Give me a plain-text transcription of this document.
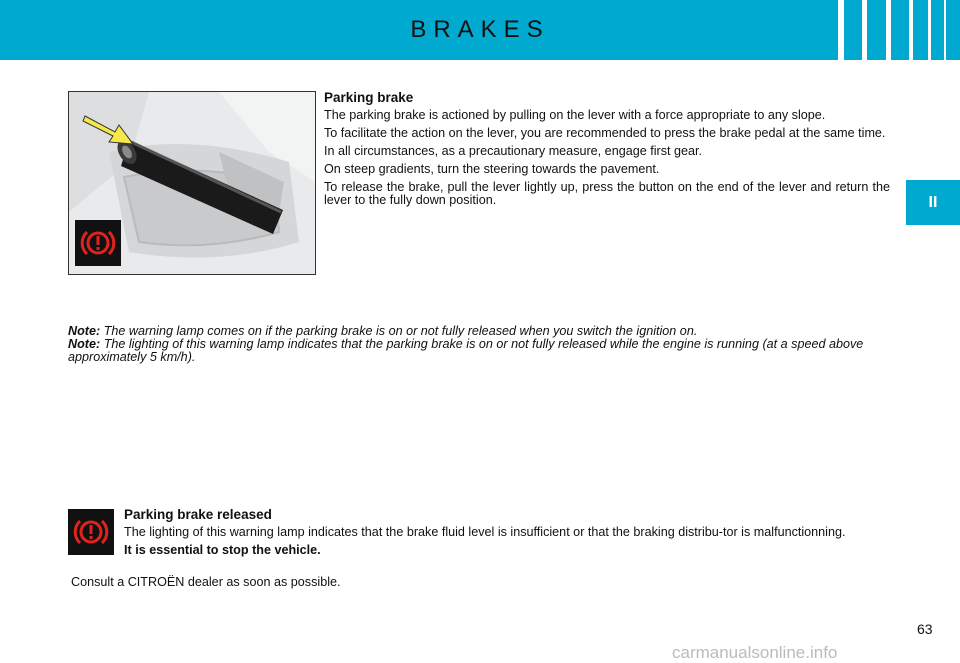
BRAKES
II
Parking brake

The parking brake is actioned by pulling on the lever with a force appropriate to any slope.

To facilitate the action on the lever, you are recommended to press the brake pedal at the same time.

In all circumstances, as a precautionary measure, engage first gear.

On steep gradients, turn the steering towards the pavement.

To release the brake, pull the lever lightly up, press the button on the end of the lever and return the lever to the fully down position.

Note: The warning lamp comes on if the parking brake is on or not fully released when you switch the ignition on.
Note: The lighting of this warning lamp indicates that the parking brake is on or not fully released while the engine is running (at a speed above approximately 5 km/h).
Parking brake released

The lighting of this warning lamp indicates that the brake fluid level is insufficient or that the braking distribu-tor is malfunctionning.

It is essential to stop the vehicle.

Consult a CITROËN dealer as soon as possible.
63
carmanualsonline.info
